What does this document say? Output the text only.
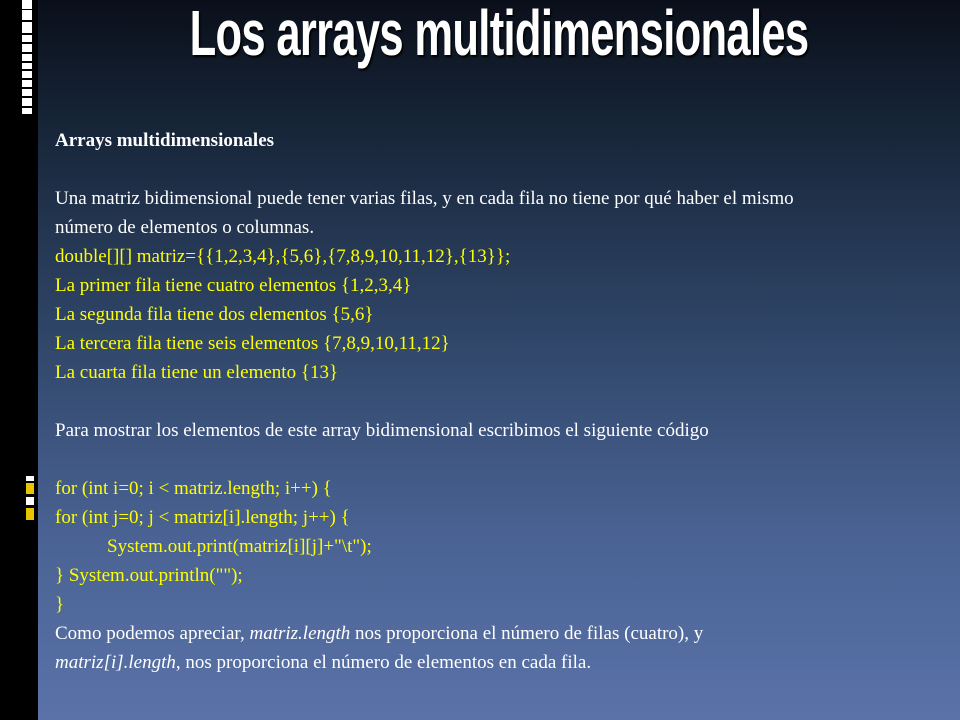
Los arrays multidimensionales
Arrays multidimensionales
Una matriz bidimensional puede tener varias filas, y en cada fila no tiene por qué haber el mismo
número de elementos o columnas.
double[][] matriz={{1,2,3,4},{5,6},{7,8,9,10,11,12},{13}};
La primer fila tiene cuatro elementos {1,2,3,4}
La segunda fila tiene dos elementos {5,6}
La tercera fila tiene seis elementos {7,8,9,10,11,12}
La cuarta fila tiene un elemento {13}
Para mostrar los elementos de este array bidimensional escribimos el siguiente código
for (int i=0; i < matriz.length; i++) {
for (int j=0; j < matriz[i].length; j++) {
System.out.print(matriz[i][j]+"\t");
} System.out.println("");
}
Como podemos apreciar, matriz.length nos proporciona el número de filas (cuatro), y
matriz[i].length, nos proporciona el número de elementos en cada fila.
